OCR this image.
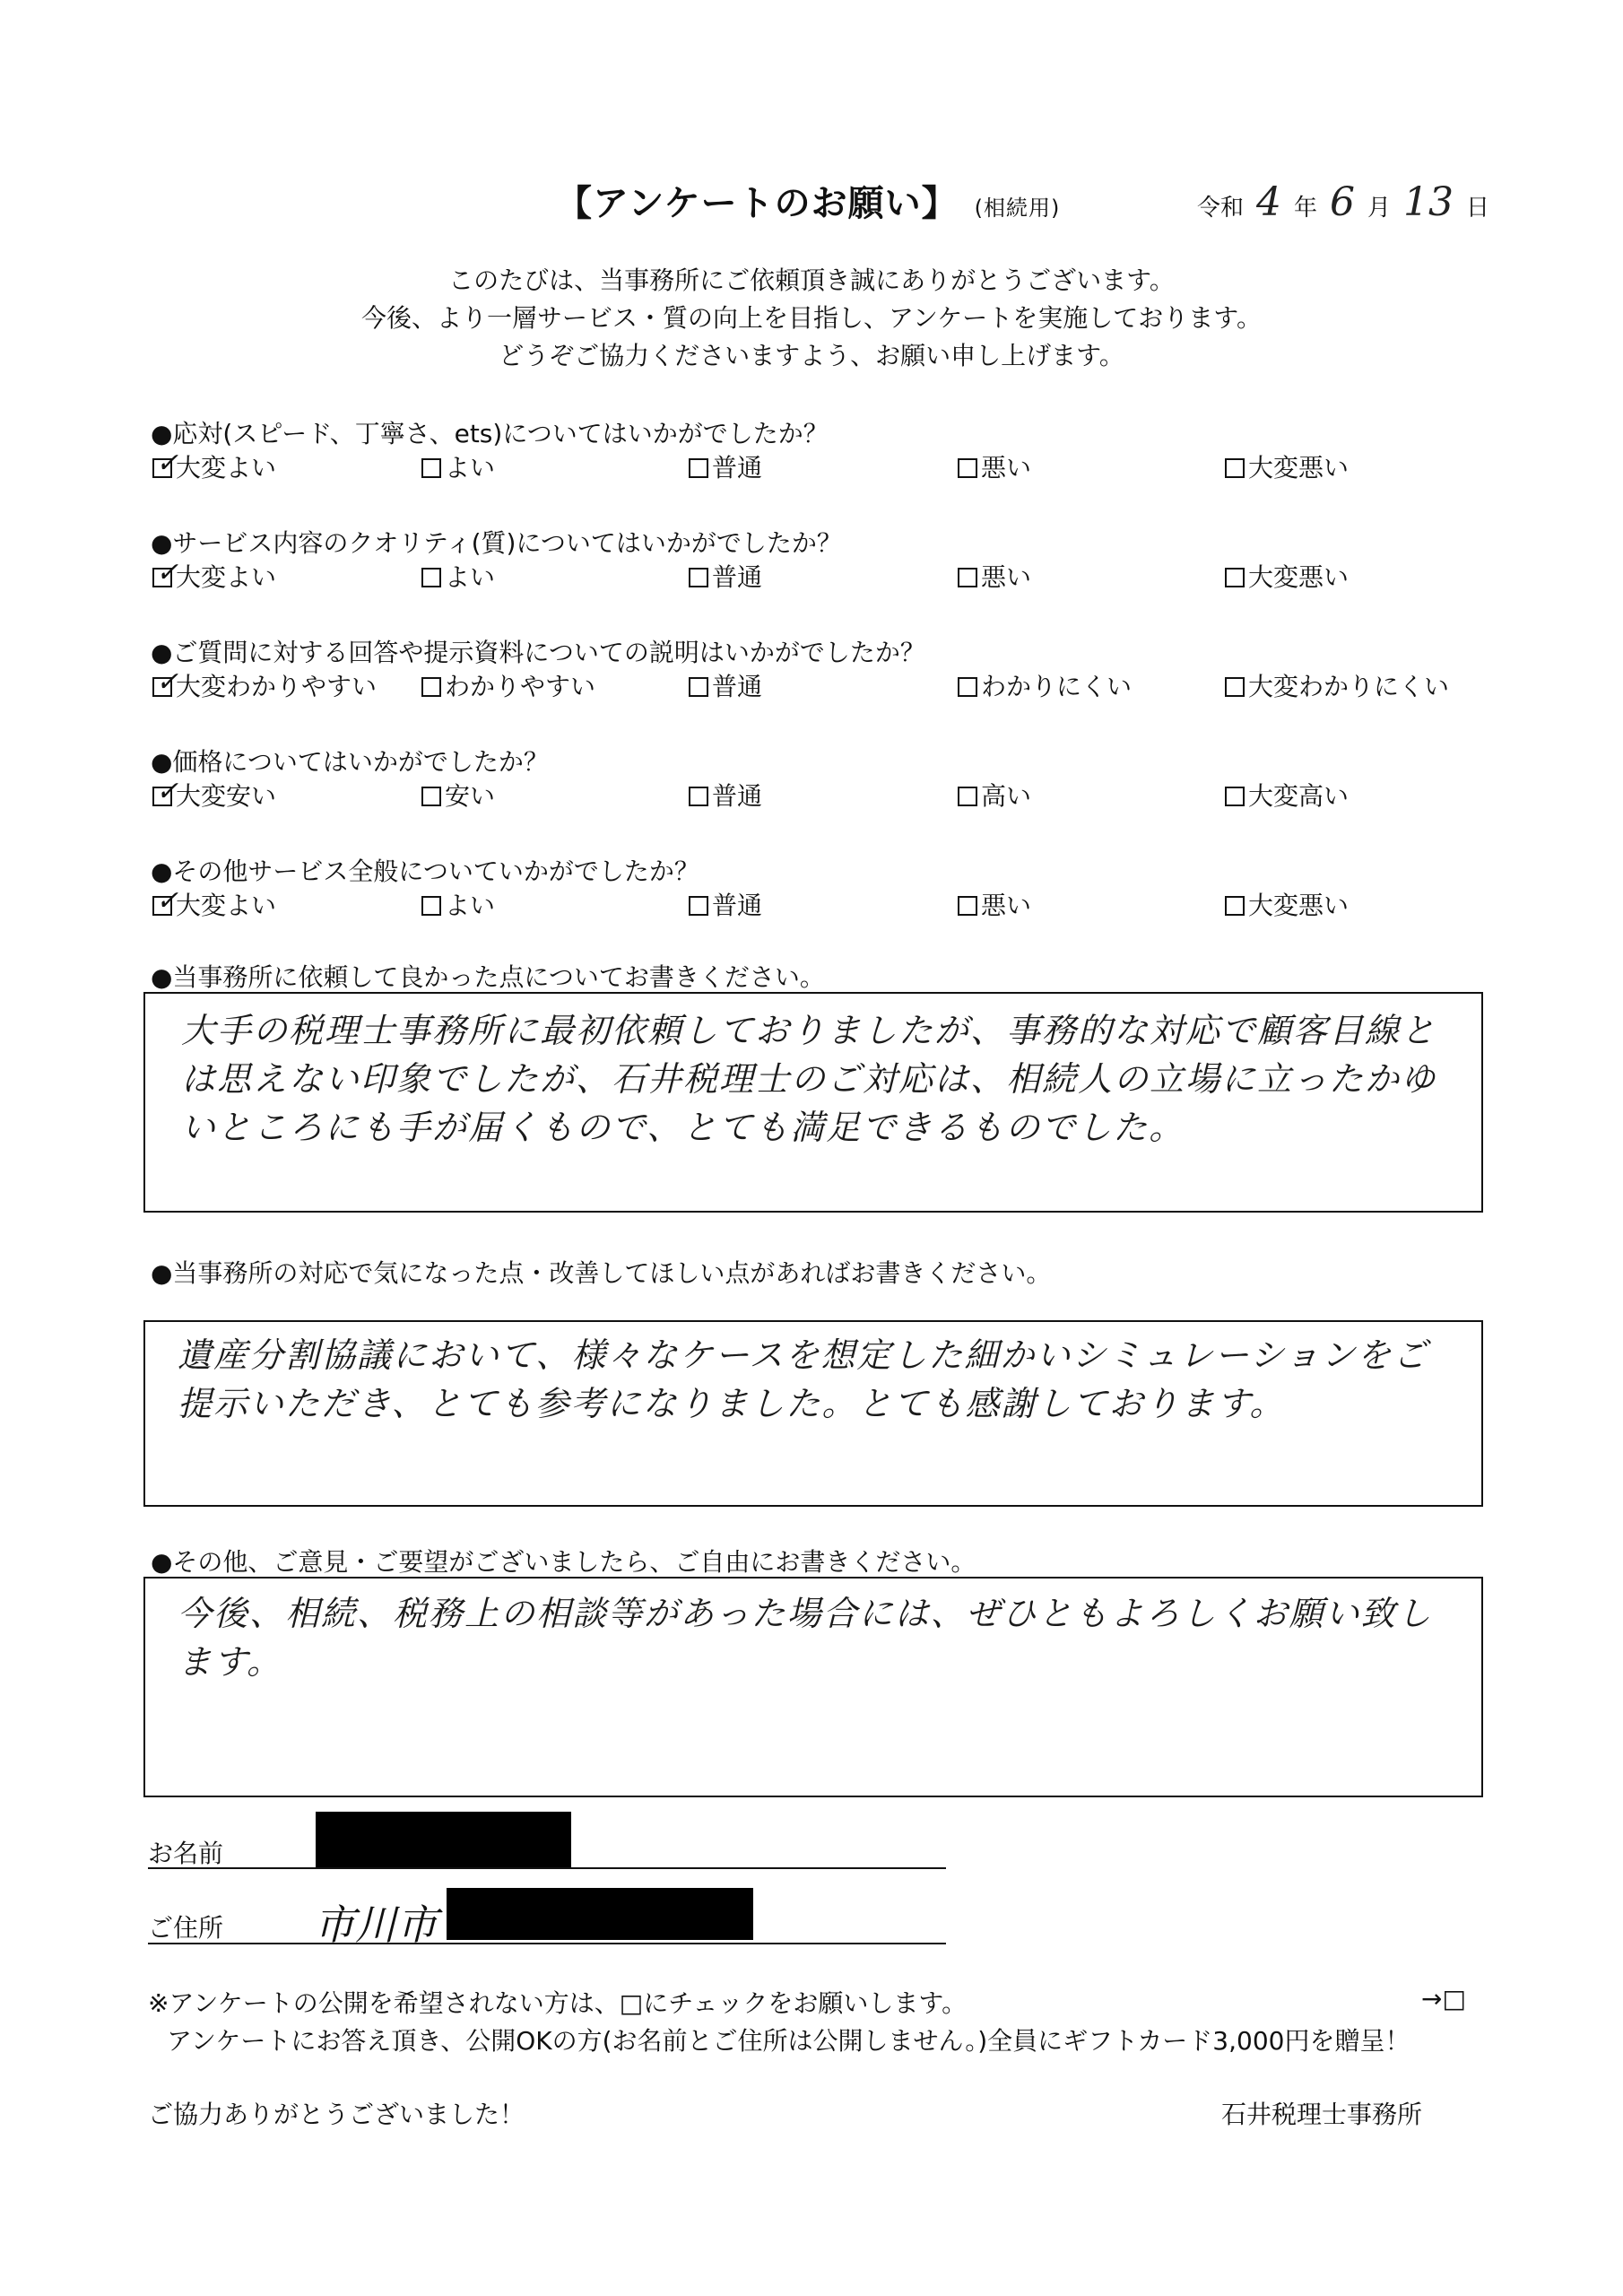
【アンケートのお願い】 (相続用)	令和 4 年 6 月 13 日
このたびは、当事務所にご依頼頂き誠にありがとうございます。
今後、より一層サービス・質の向上を目指し、アンケートを実施しております。
どうぞご協力くださいますよう、お願い申し上げます。
●応対(スピード、丁寧さ、ets)についてはいかがでしたか？
✓大変よい	よい	普通	悪い	大変悪い
●サービス内容のクオリティ(質)についてはいかがでしたか？
✓大変よい	よい	普通	悪い	大変悪い
●ご質問に対する回答や提示資料についての説明はいかがでしたか？
✓大変わかりやすい	わかりやすい	普通	わかりにくい	大変わかりにくい
●価格についてはいかがでしたか？
✓大変安い	安い	普通	高い	大変高い
●その他サービス全般についていかがでしたか？
✓大変よい	よい	普通	悪い	大変悪い
●当事務所に依頼して良かった点についてお書きください。
大手の税理士事務所に最初依頼しておりましたが、事務的な対応で顧客目線とは思えない印象でしたが、石井税理士のご対応は、相続人の立場に立ったかゆいところにも手が届くもので、とても満足できるものでした。
●当事務所の対応で気になった点・改善してほしい点があればお書きください。
遺産分割協議において、様々なケースを想定した細かいシミュレーションをご提示いただき、とても参考になりました。とても感謝しております。
●その他、ご意見・ご要望がございましたら、ご自由にお書きください。
今後、相続、税務上の相談等があった場合には、ぜひともよろしくお願い致します。
お名前
ご住所 市川市
※アンケートの公開を希望されない方は、□にチェックをお願いします。	→□
アンケートにお答え頂き、公開OKの方(お名前とご住所は公開しません。)全員にギフトカード3,000円を贈呈！
ご協力ありがとうございました！	石井税理士事務所
